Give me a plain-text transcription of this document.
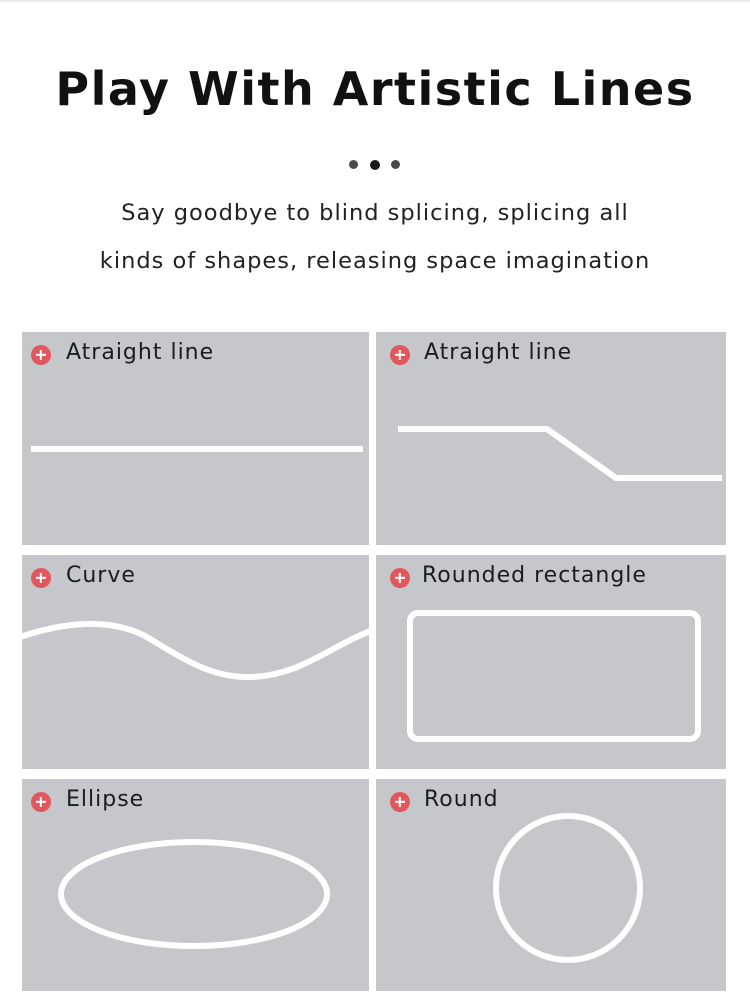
Play With Artistic Lines

Say goodbye to blind splicing, splicing all

kinds of shapes, releasing space imagination

Atraight line	Atraight line
Curve	Rounded rectangle
Ellipse	Round
